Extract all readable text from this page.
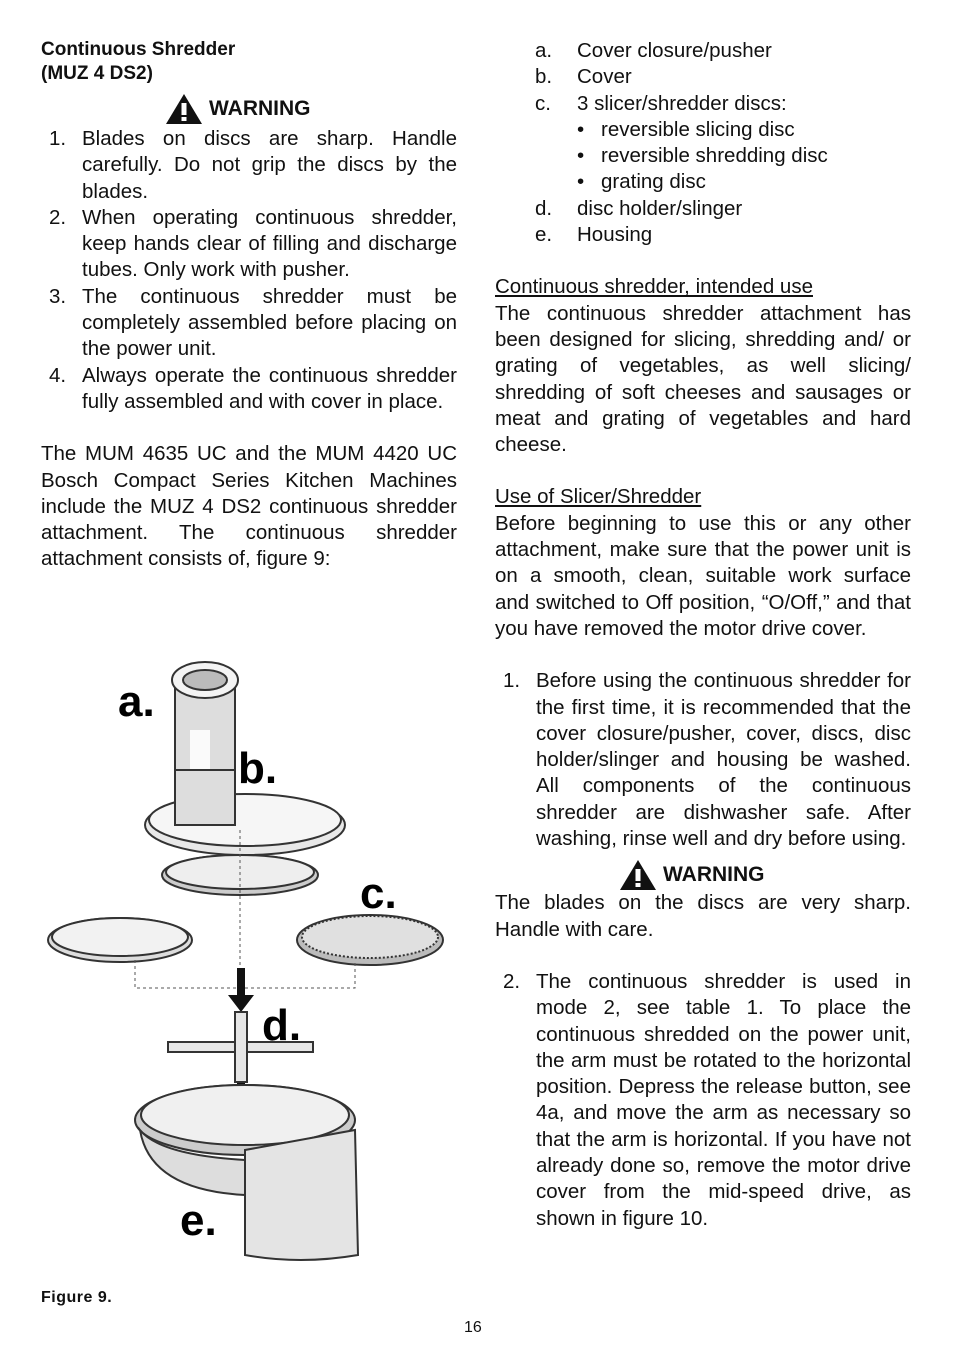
Continuous Shredder
(MUZ 4 DS2)
WARNING
1. Blades on discs are sharp. Handle carefully. Do not grip the discs by the blades.
2. When operating continuous shredder, keep hands clear of filling and discharge tubes. Only work with pusher.
3. The continuous shredder must be completely assembled before placing on the power unit.
4. Always operate the continuous shredder fully assembled and with cover in place.

The MUM 4635 UC and the MUM 4420 UC Bosch Compact Series Kitchen Machines include the MUZ 4 DS2 continuous shredder attachment. The continuous shredder attachment consists of, figure 9:

a.
b.
c.
d.
e.
Figure 9.
a. Cover closure/pusher
b. Cover
c. 3 slicer/shredder discs:
• reversible slicing disc
• reversible shredding disc
• grating disc
d. disc holder/slinger
e. Housing
Continuous shredder, intended use

The continuous shredder attachment has been designed for slicing, shredding and/ or grating of vegetables, as well slicing/ shredding of soft cheeses and sausages or meat and grating of vegetables and hard cheese.

Use of Slicer/Shredder

Before beginning to use this or any other attachment, make sure that the power unit is on a smooth, clean, suitable work surface and switched to Off position, “O/Off,” and that you have removed the motor drive cover.

1. Before using the continuous shredder for the first time, it is recommended that the cover closure/pusher, cover, discs, disc holder/slinger and housing be washed. All components of the continuous shredder are dishwasher safe. After washing, rinse well and dry before using.
WARNING

The blades on the discs are very sharp. Handle with care.

2. The continuous shredder is used in mode 2, see table 1. To place the continuous shredded on the power unit, the arm must be rotated to the horizontal position. Depress the release button, see 4a, and move the arm as necessary so that the arm is horizontal. If you have not already done so, remove the motor drive cover from the mid-speed drive, as shown in figure 10.
16
